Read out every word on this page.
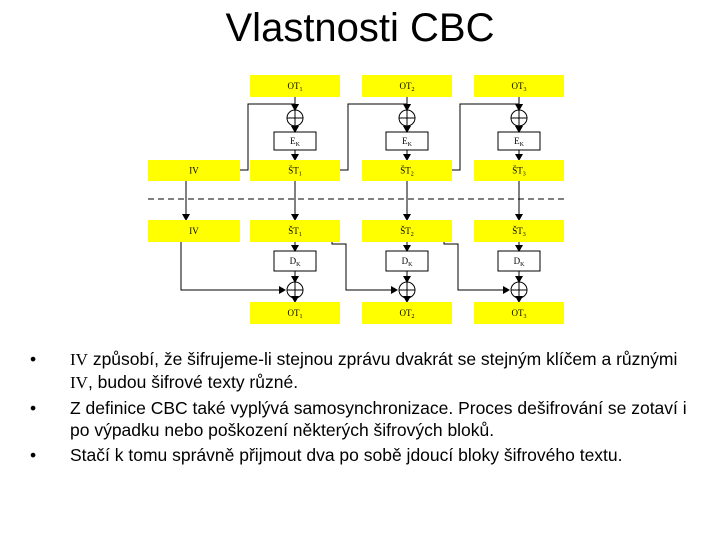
Vlastnosti CBC
IV
$OT_1$
$E_K$
$ŠT_1$
$OT_2$
$E_K$
$ŠT_2$
$OT_3$
$E_K$
$ŠT_3$
IV	$ŠT_1$
$D_K$
$OT_1$
$ŠT_2$
$D_K$
$OT_2$
$ŠT_3$
$D_K$
$OT_3$
• IV způsobí, že šifrujeme-li stejnou zprávu dvakrát se stejným klíčem a různými IV, budou šifrové texty různé.
• Z definice CBC také vyplývá samosynchronizace. Proces dešifrování se zotaví i po výpadku nebo poškození některých šifrových bloků.
• Stačí k tomu správně přijmout dva po sobě jdoucí bloky šifrového textu.
